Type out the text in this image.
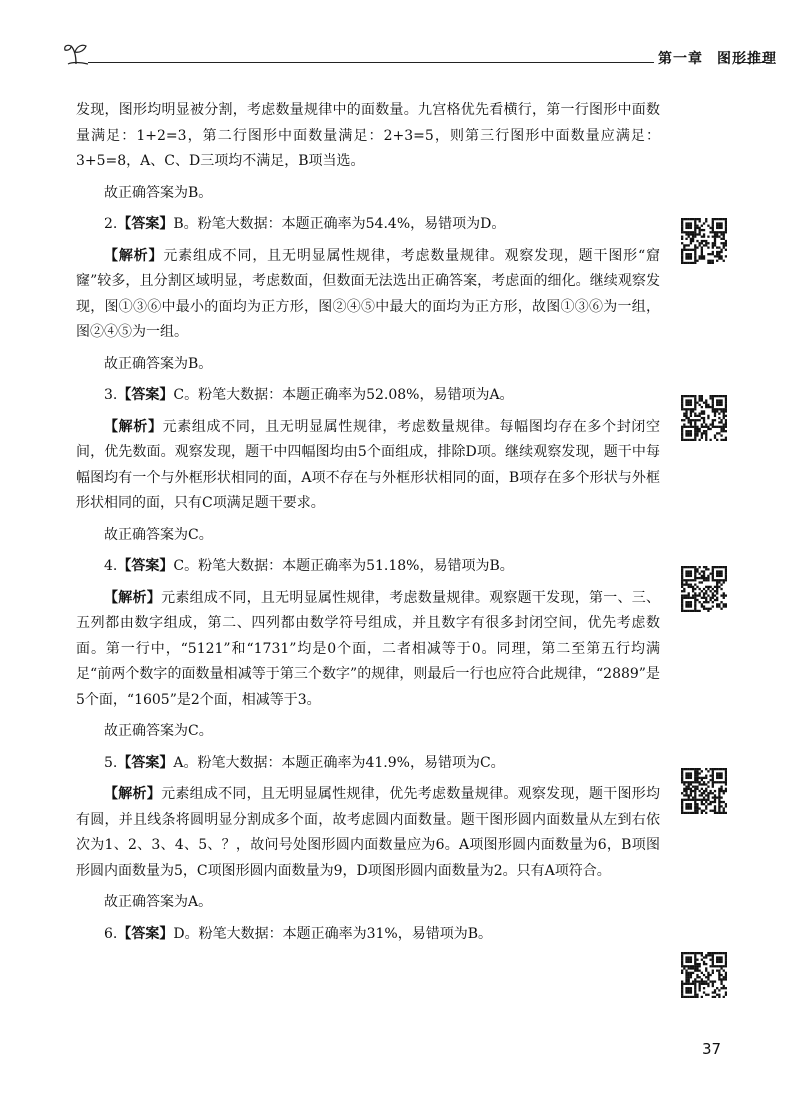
第一章 图形推理

发现，图形均明显被分割，考虑数量规律中的面数量。九宫格优先看横行，第一行图形中面数量满足：1+2=3，第二行图形中面数量满足：2+3=5，则第三行图形中面数量应满足：3+5=8，A、C、D三项均不满足，B项当选。

故正确答案为B。

2.【答案】B。粉笔大数据：本题正确率为54.4%，易错项为D。

【解析】元素组成不同，且无明显属性规律，考虑数量规律。观察发现，题干图形“窟窿”较多，且分割区域明显，考虑数面，但数面无法选出正确答案，考虑面的细化。继续观察发现，图①③⑥中最小的面均为正方形，图②④⑤中最大的面均为正方形，故图①③⑥为一组，图②④⑤为一组。

故正确答案为B。

3.【答案】C。粉笔大数据：本题正确率为52.08%，易错项为A。

【解析】元素组成不同，且无明显属性规律，考虑数量规律。每幅图均存在多个封闭空间，优先数面。观察发现，题干中四幅图均由5个面组成，排除D项。继续观察发现，题干中每幅图均有一个与外框形状相同的面，A项不存在与外框形状相同的面，B项存在多个形状与外框形状相同的面，只有C项满足题干要求。

故正确答案为C。

4.【答案】C。粉笔大数据：本题正确率为51.18%，易错项为B。

【解析】元素组成不同，且无明显属性规律，考虑数量规律。观察题干发现，第一、三、五列都由数字组成，第二、四列都由数学符号组成，并且数字有很多封闭空间，优先考虑数面。第一行中，“5121”和“1731”均是0个面，二者相减等于0。同理，第二至第五行均满足“前两个数字的面数量相减等于第三个数字”的规律，则最后一行也应符合此规律，“2889”是5个面，“1605”是2个面，相减等于3。

故正确答案为C。

5.【答案】A。粉笔大数据：本题正确率为41.9%，易错项为C。

【解析】元素组成不同，且无明显属性规律，优先考虑数量规律。观察发现，题干图形均有圆，并且线条将圆明显分割成多个面，故考虑圆内面数量。题干图形圆内面数量从左到右依次为1、2、3、4、5、？，故问号处图形圆内面数量应为6。A项图形圆内面数量为6，B项图形圆内面数量为5，C项图形圆内面数量为9，D项图形圆内面数量为2。只有A项符合。

故正确答案为A。

6.【答案】D。粉笔大数据：本题正确率为31%，易错项为B。

37
